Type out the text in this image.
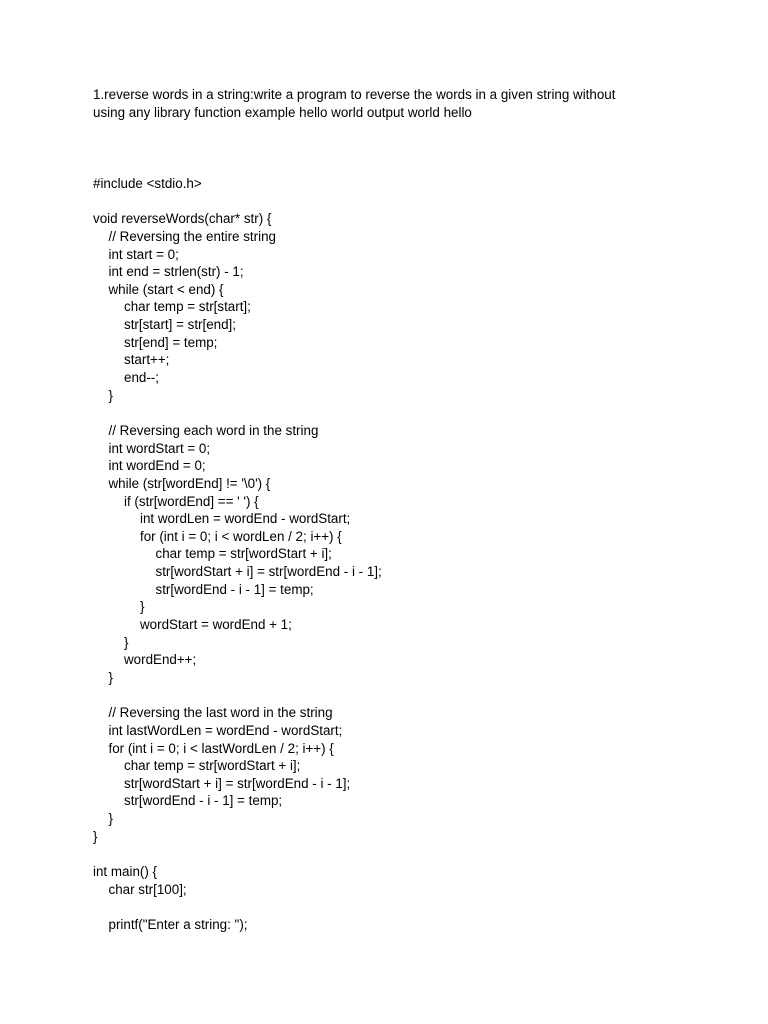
1.reverse words in a string:write a program to reverse the words in a given string without
using any library function example hello world output world hello

#include <stdio.h>
void reverseWords(char* str) {
// Reversing the entire string
int start = 0;
int end = strlen(str) - 1;
while (start < end) {
char temp = str[start];
str[start] = str[end];
str[end] = temp;
start++;
end--;
}
// Reversing each word in the string
int wordStart = 0;
int wordEnd = 0;
while (str[wordEnd] != '\0') {
if (str[wordEnd] == ' ') {
int wordLen = wordEnd - wordStart;
for (int i = 0; i < wordLen / 2; i++) {
char temp = str[wordStart + i];
str[wordStart + i] = str[wordEnd - i - 1];
str[wordEnd - i - 1] = temp;
}
wordStart = wordEnd + 1;
}
wordEnd++;
}
// Reversing the last word in the string
int lastWordLen = wordEnd - wordStart;
for (int i = 0; i < lastWordLen / 2; i++) {
char temp = str[wordStart + i];
str[wordStart + i] = str[wordEnd - i - 1];
str[wordEnd - i - 1] = temp;
}
}
int main() {
char str[100];
printf("Enter a string: ");
